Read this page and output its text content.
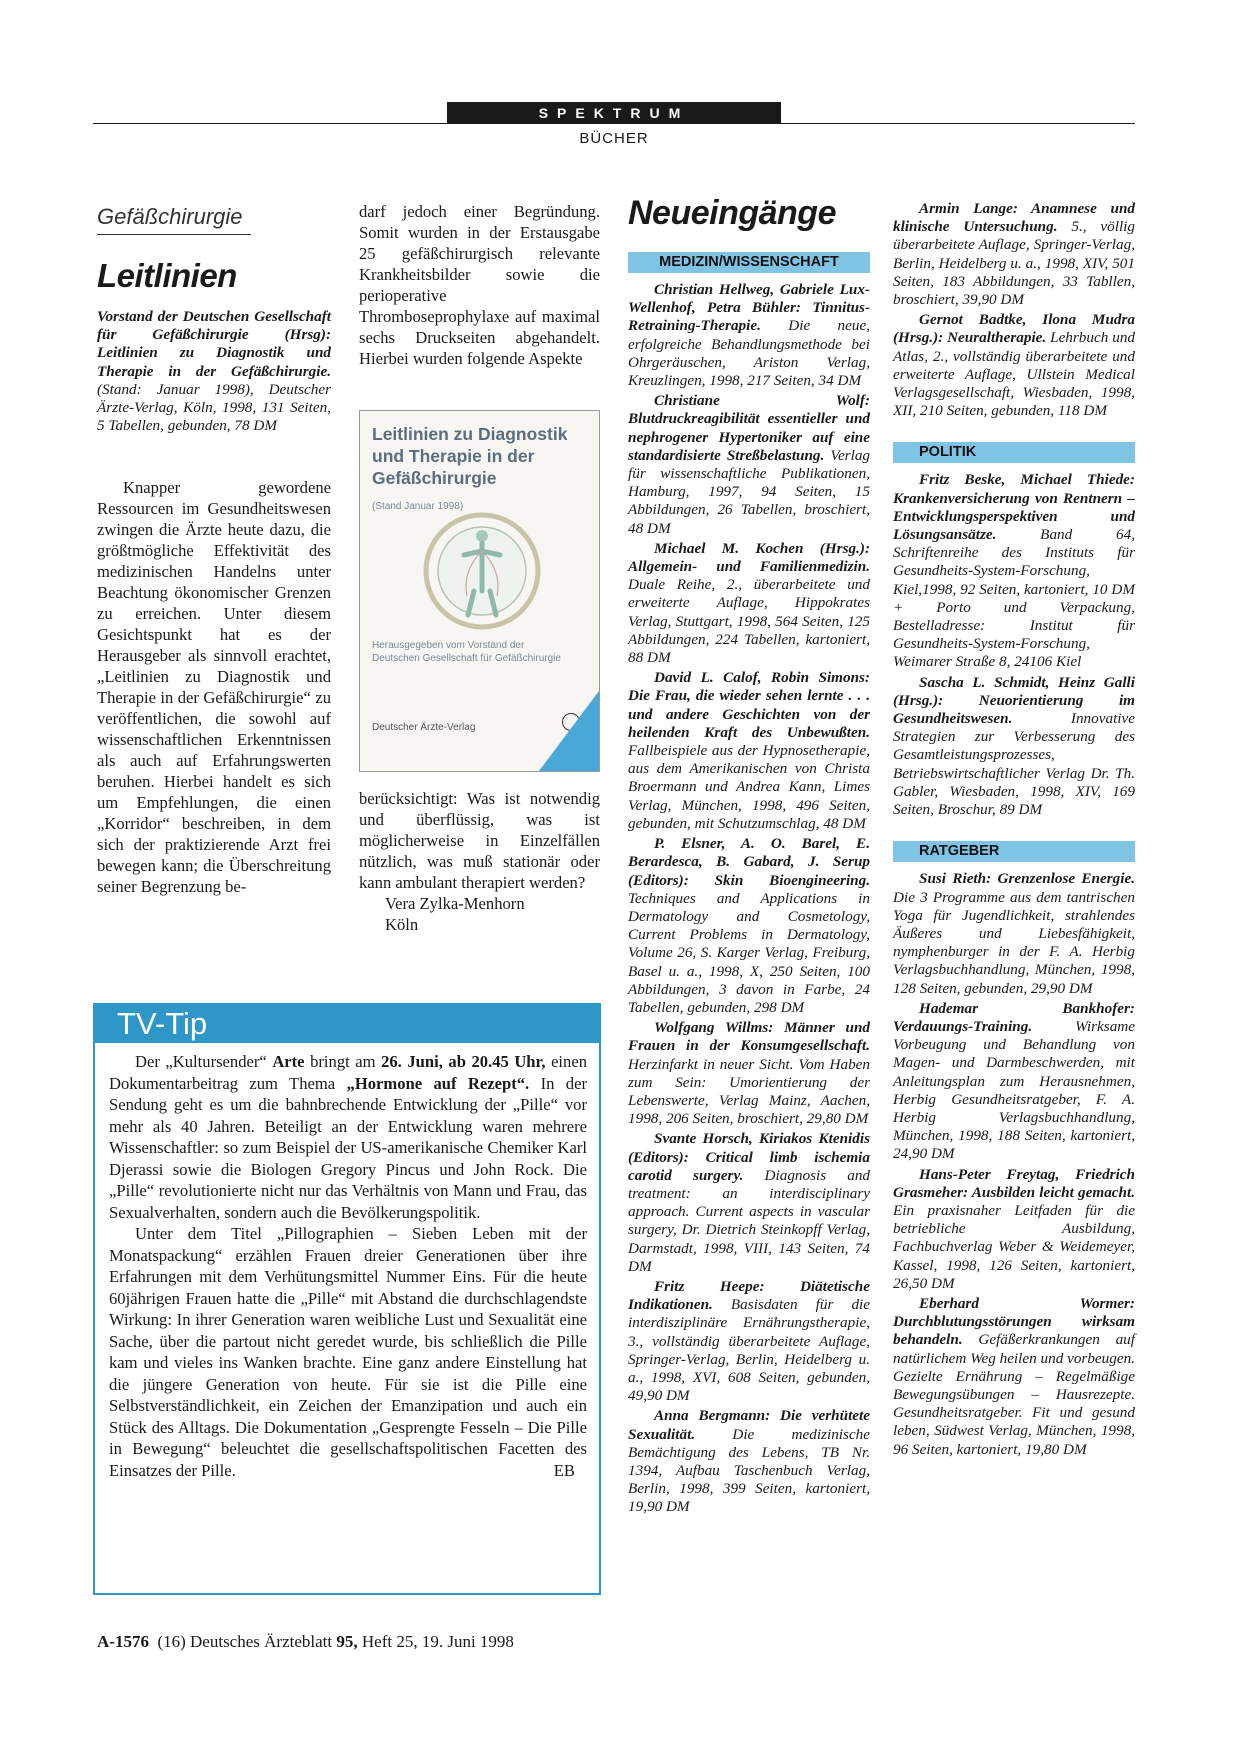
SPEKTRUM
BÜCHER
Gefäßchirurgie
Leitlinien
Vorstand der Deutschen Gesellschaft für Gefäßchirurgie (Hrsg): Leitlinien zu Diagnostik und Therapie in der Gefäßchirurgie. (Stand: Januar 1998), Deutscher Ärzte-Verlag, Köln, 1998, 131 Seiten, 5 Tabellen, gebunden, 78 DM

Knapper gewordene Ressourcen im Gesundheitswesen zwingen die Ärzte heute dazu, die größtmögliche Effektivität des medizinischen Handelns unter Beachtung ökonomischer Grenzen zu erreichen. Unter diesem Gesichtspunkt hat es der Herausgeber als sinnvoll erachtet, „Leitlinien zu Diagnostik und Therapie in der Gefäßchirurgie“ zu veröffentlichen, die sowohl auf wissenschaftlichen Erkenntnissen als auch auf Erfahrungswerten beruhen. Hierbei handelt es sich um Empfehlungen, die einen „Korridor“ beschreiben, in dem sich der praktizierende Arzt frei bewegen kann; die Überschreitung seiner Begrenzung be-

darf jedoch einer Begründung. Somit wurden in der Erstausgabe 25 gefäßchirurgisch relevante Krankheitsbilder sowie die perioperative Thromboseprophylaxe auf maximal sechs Druckseiten abgehandelt. Hierbei wurden folgende Aspekte

Leitlinien zu Diagnostik und Therapie in der Gefäßchirurgie
(Stand Januar 1998)
Herausgegeben vom Vorstand der Deutschen Gesellschaft für Gefäßchirurgie
Deutscher Ärzte-Verlag

berücksichtigt: Was ist notwendig und überflüssig, was ist möglicherweise in Einzelfällen nützlich, was muß stationär oder kann ambulant therapiert werden?

Vera Zylka-Menhorn

Köln

TV-Tip

Der „Kultursender“ Arte bringt am 26. Juni, ab 20.45 Uhr, einen Dokumentarbeitrag zum Thema „Hormone auf Rezept“. In der Sendung geht es um die bahnbrechende Entwicklung der „Pille“ vor mehr als 40 Jahren. Beteiligt an der Entwicklung waren mehrere Wissenschaftler: so zum Beispiel der US-amerikanische Chemiker Karl Djerassi sowie die Biologen Gregory Pincus und John Rock. Die „Pille“ revolutionierte nicht nur das Verhältnis von Mann und Frau, das Sexualverhalten, sondern auch die Bevölkerungspolitik.

Unter dem Titel „Pillographien – Sieben Leben mit der Monatspackung“ erzählen Frauen dreier Generationen über ihre Erfahrungen mit dem Verhütungsmittel Nummer Eins. Für die heute 60jährigen Frauen hatte die „Pille“ mit Abstand die durchschlagendste Wirkung: In ihrer Generation waren weibliche Lust und Sexualität eine Sache, über die partout nicht geredet wurde, bis schließlich die Pille kam und vieles ins Wanken brachte. Eine ganz andere Einstellung hat die jüngere Generation von heute. Für sie ist die Pille eine Selbstverständlichkeit, ein Zeichen der Emanzipation und auch ein Stück des Alltags. Die Dokumentation „Gesprengte Fesseln – Die Pille in Bewegung“ beleuchtet die gesellschaftspolitischen Facetten des Einsatzes der Pille.	EB
Neueingänge
MEDIZIN/WISSENSCHAFT

Christian Hellweg, Gabriele Lux-Wellenhof, Petra Bühler: Tinnitus-Retraining-Therapie. Die neue, erfolgreiche Behandlungsmethode bei Ohrgeräuschen, Ariston Verlag, Kreuzlingen, 1998, 217 Seiten, 34 DM

Christiane Wolf: Blutdruckreagibilität essentieller und nephrogener Hypertoniker auf eine standardisierte Streßbelastung. Verlag für wissenschaftliche Publikationen, Hamburg, 1997, 94 Seiten, 15 Abbildungen, 26 Tabellen, broschiert, 48 DM

Michael M. Kochen (Hrsg.): Allgemein- und Familienmedizin. Duale Reihe, 2., überarbeitete und erweiterte Auflage, Hippokrates Verlag, Stuttgart, 1998, 564 Seiten, 125 Abbildungen, 224 Tabellen, kartoniert, 88 DM

David L. Calof, Robin Simons: Die Frau, die wieder sehen lernte . . . und andere Geschichten von der heilenden Kraft des Unbewußten. Fallbeispiele aus der Hypnosetherapie, aus dem Amerikanischen von Christa Broermann und Andrea Kann, Limes Verlag, München, 1998, 496 Seiten, gebunden, mit Schutzumschlag, 48 DM

P. Elsner, A. O. Barel, E. Berardesca, B. Gabard, J. Serup (Editors): Skin Bioengineering. Techniques and Applications in Dermatology and Cosmetology, Current Problems in Dermatology, Volume 26, S. Karger Verlag, Freiburg, Basel u. a., 1998, X, 250 Seiten, 100 Abbildungen, 3 davon in Farbe, 24 Tabellen, gebunden, 298 DM

Wolfgang Willms: Männer und Frauen in der Konsumgesellschaft. Herzinfarkt in neuer Sicht. Vom Haben zum Sein: Umorientierung der Lebenswerte, Verlag Mainz, Aachen, 1998, 206 Seiten, broschiert, 29,80 DM

Svante Horsch, Kiriakos Ktenidis (Editors): Critical limb ischemia carotid surgery. Diagnosis and treatment: an interdisciplinary approach. Current aspects in vascular surgery, Dr. Dietrich Steinkopff Verlag, Darmstadt, 1998, VIII, 143 Seiten, 74 DM

Fritz Heepe: Diätetische Indikationen. Basisdaten für die interdisziplinäre Ernährungstherapie, 3., vollständig überarbeitete Auflage, Springer-Verlag, Berlin, Heidelberg u. a., 1998, XVI, 608 Seiten, gebunden, 49,90 DM

Anna Bergmann: Die verhütete Sexualität. Die medizinische Bemächtigung des Lebens, TB Nr. 1394, Aufbau Taschenbuch Verlag, Berlin, 1998, 399 Seiten, kartoniert, 19,90 DM

Armin Lange: Anamnese und klinische Untersuchung. 5., völlig überarbeitete Auflage, Springer-Verlag, Berlin, Heidelberg u. a., 1998, XIV, 501 Seiten, 183 Abbildungen, 33 Tabllen, broschiert, 39,90 DM

Gernot Badtke, Ilona Mudra (Hrsg.): Neuraltherapie. Lehrbuch und Atlas, 2., vollständig überarbeitete und erweiterte Auflage, Ullstein Medical Verlagsgesellschaft, Wiesbaden, 1998, XII, 210 Seiten, gebunden, 118 DM

POLITIK

Fritz Beske, Michael Thiede: Krankenversicherung von Rentnern – Entwicklungsperspektiven und Lösungsansätze. Band 64, Schriftenreihe des Instituts für Gesundheits-System-Forschung, Kiel,1998, 92 Seiten, kartoniert, 10 DM + Porto und Verpackung, Bestelladresse: Institut für Gesundheits-System-Forschung, Weimarer Straße 8, 24106 Kiel

Sascha L. Schmidt, Heinz Galli (Hrsg.): Neuorientierung im Gesundheitswesen. Innovative Strategien zur Verbesserung des Gesamtleistungsprozesses, Betriebswirtschaftlicher Verlag Dr. Th. Gabler, Wiesbaden, 1998, XIV, 169 Seiten, Broschur, 89 DM

RATGEBER

Susi Rieth: Grenzenlose Energie. Die 3 Programme aus dem tantrischen Yoga für Jugendlichkeit, strahlendes Äußeres und Liebesfähigkeit, nymphenburger in der F. A. Herbig Verlagsbuchhandlung, München, 1998, 128 Seiten, gebunden, 29,90 DM

Hademar Bankhofer: Verdauungs-Training. Wirksame Vorbeugung und Behandlung von Magen- und Darmbeschwerden, mit Anleitungsplan zum Herausnehmen, Herbig Gesundheitsratgeber, F. A. Herbig Verlagsbuchhandlung, München, 1998, 188 Seiten, kartoniert, 24,90 DM

Hans-Peter Freytag, Friedrich Grasmeher: Ausbilden leicht gemacht. Ein praxisnaher Leitfaden für die betriebliche Ausbildung, Fachbuchverlag Weber & Weidemeyer, Kassel, 1998, 126 Seiten, kartoniert, 26,50 DM

Eberhard Wormer: Durchblutungsstörungen wirksam behandeln. Gefäßerkrankungen auf natürlichem Weg heilen und vorbeugen. Gezielte Ernährung – Regelmäßige Bewegungsübungen – Hausrezepte. Gesundheitsratgeber. Fit und gesund leben, Südwest Verlag, München, 1998, 96 Seiten, kartoniert, 19,80 DM

A-1576 (16) Deutsches Ärzteblatt 95, Heft 25, 19. Juni 1998
